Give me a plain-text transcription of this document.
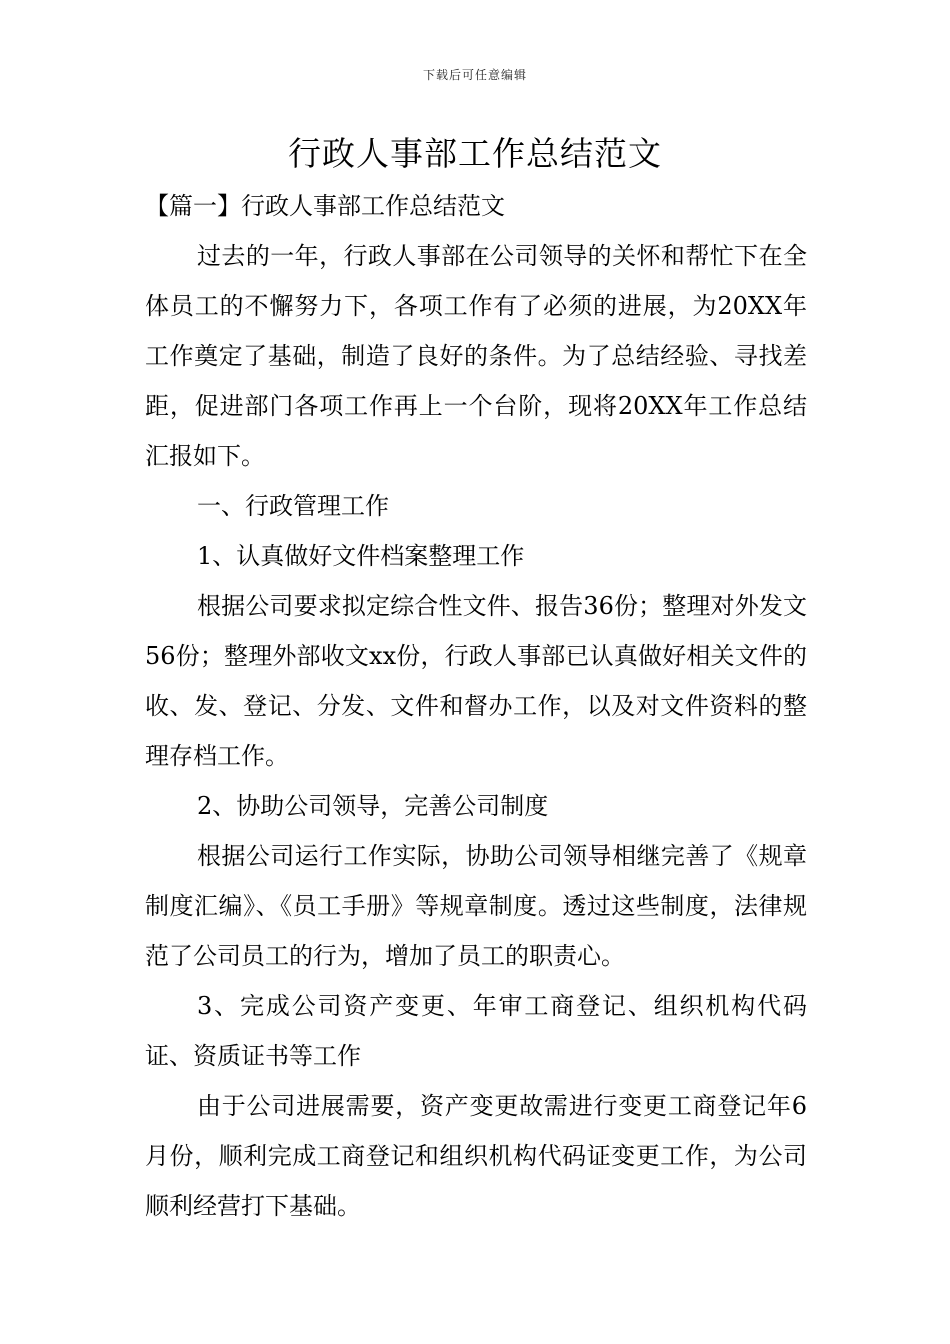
下载后可任意编辑
行政人事部工作总结范文
【篇一】行政人事部工作总结范文

过去的一年，行政人事部在公司领导的关怀和帮忙下在全体员工的不懈努力下，各项工作有了必须的进展，为20XX年工作奠定了基础，制造了良好的条件。为了总结经验、寻找差距，促进部门各项工作再上一个台阶，现将20XX年工作总结汇报如下。

一、行政管理工作

1、认真做好文件档案整理工作

根据公司要求拟定综合性文件、报告36份；整理对外发文56份；整理外部收文xx份，行政人事部已认真做好相关文件的收、发、登记、分发、文件和督办工作，以及对文件资料的整理存档工作。

2、协助公司领导，完善公司制度

根据公司运行工作实际，协助公司领导相继完善了《规章制度汇编》、《员工手册》等规章制度。透过这些制度，法律规范了公司员工的行为，增加了员工的职责心。

3、完成公司资产变更、年审工商登记、组织机构代码证、资质证书等工作

由于公司进展需要，资产变更故需进行变更工商登记年6月份，顺利完成工商登记和组织机构代码证变更工作，为公司顺利经营打下基础。
